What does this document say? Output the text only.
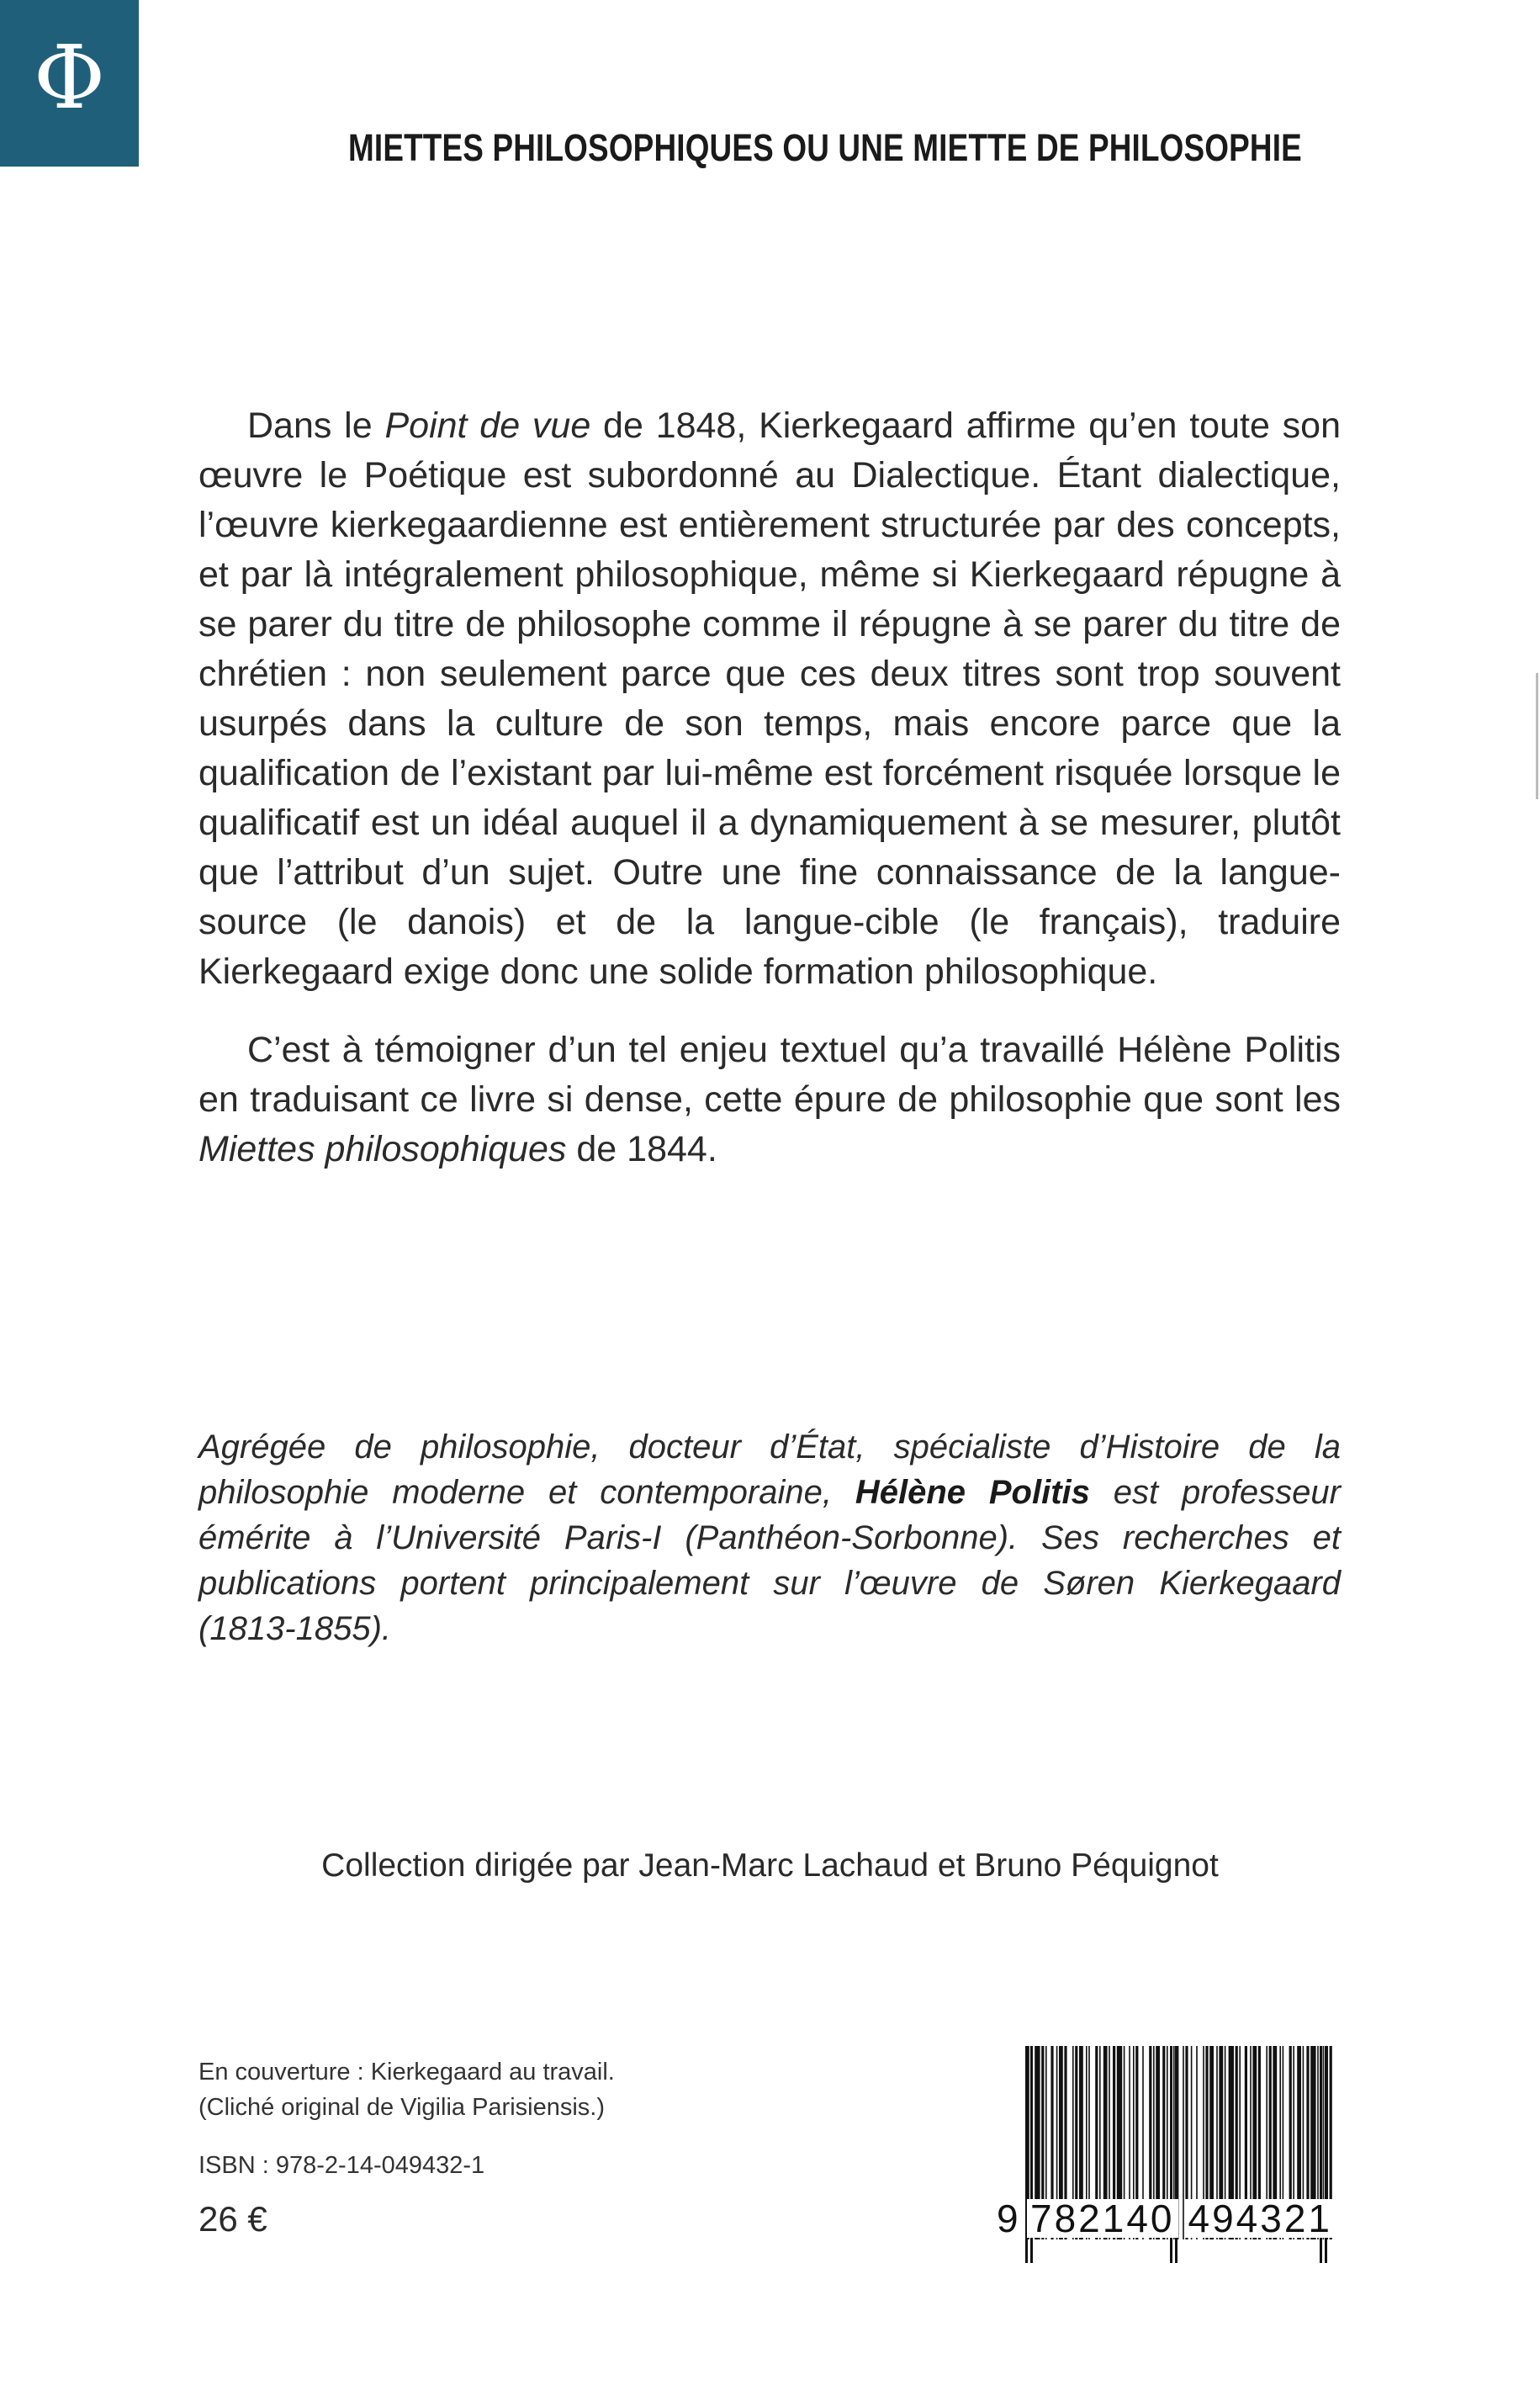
Φ
MIETTES PHILOSOPHIQUES OU UNE MIETTE DE PHILOSOPHIE

Dans le Point de vue de 1848, Kierkegaard affirme qu’en toute son œuvre le Poétique est subordonné au Dialectique. Étant dialectique, l’œuvre kierkegaardienne est entièrement structurée par des concepts, et par là intégralement philosophique, même si Kierkegaard répugne à se parer du titre de philosophe comme il répugne à se parer du titre de chrétien : non seulement parce que ces deux titres sont trop souvent usurpés dans la culture de son temps, mais encore parce que la qualification de l’existant par lui-même est forcément risquée lorsque le qualificatif est un idéal auquel il a dynamiquement à se mesurer, plutôt que l’attribut d’un sujet. Outre une fine connaissance de la langue-source (le danois) et de la langue-cible (le français), traduire Kierkegaard exige donc une solide formation philosophique.

C’est à témoigner d’un tel enjeu textuel qu’a travaillé Hélène Politis en traduisant ce livre si dense, cette épure de philosophie que sont les Miettes philosophiques de 1844.

Agrégée de philosophie, docteur d’État, spécialiste d’Histoire de la philosophie moderne et contemporaine, Hélène Politis est professeur émérite à l’Université Paris-I (Panthéon-Sorbonne). Ses recherches et publications portent principalement sur l’œuvre de Søren Kierkegaard (1813-1855).

Collection dirigée par Jean-Marc Lachaud et Bruno Péquignot
En couverture : Kierkegaard au travail.
(Cliché original de Vigilia Parisiensis.)
ISBN : 978-2-14-049432-1
26 €	9 782140 494321
